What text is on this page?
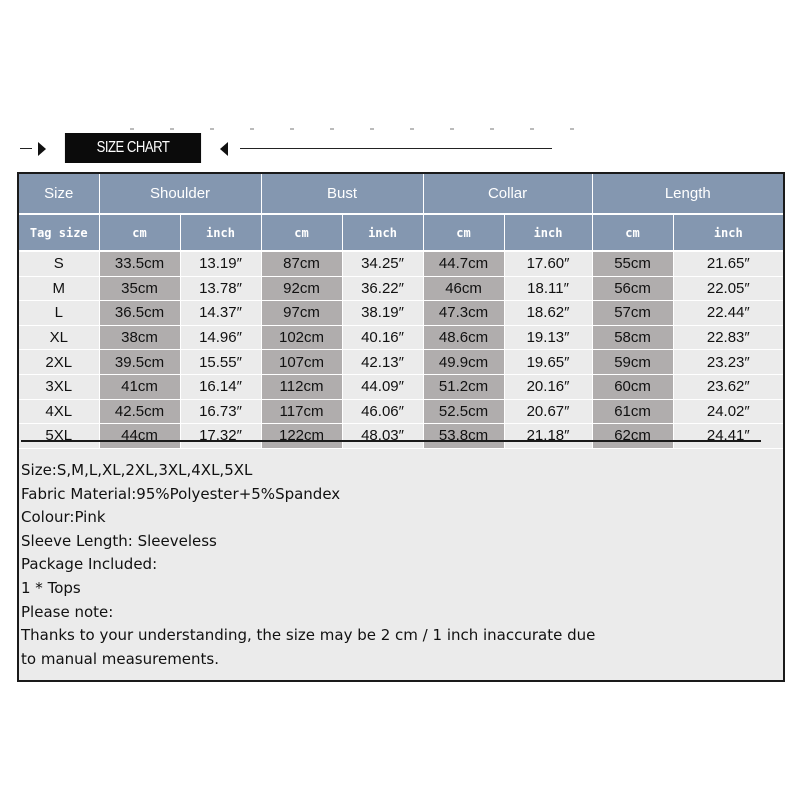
SIZE CHART
Size	Shoulder		Bust		Collar		Length	
Tag size	cm	inch	cm	inch	cm	inch	cm	inch
S	33.5cm	13.19″	87cm	34.25″	44.7cm	17.60″	55cm	21.65″
M	35cm	13.78″	92cm	36.22″	46cm	18.11″	56cm	22.05″
L	36.5cm	14.37″	97cm	38.19″	47.3cm	18.62″	57cm	22.44″
XL	38cm	14.96″	102cm	40.16″	48.6cm	19.13″	58cm	22.83″
2XL	39.5cm	15.55″	107cm	42.13″	49.9cm	19.65″	59cm	23.23″
3XL	41cm	16.14″	112cm	44.09″	51.2cm	20.16″	60cm	23.62″
4XL	42.5cm	16.73″	117cm	46.06″	52.5cm	20.67″	61cm	24.02″
5XL	44cm	17.32″	122cm	48.03″	53.8cm	21.18″	62cm	24.41″
Size:S,M,L,XL,2XL,3XL,4XL,5XL
Fabric Material:95%Polyester+5%Spandex
Colour:Pink
Sleeve Length: Sleeveless
Package Included:
1 * Tops
Please note:
Thanks to your understanding, the size may be 2 cm / 1 inch inaccurate due
to manual measurements.
